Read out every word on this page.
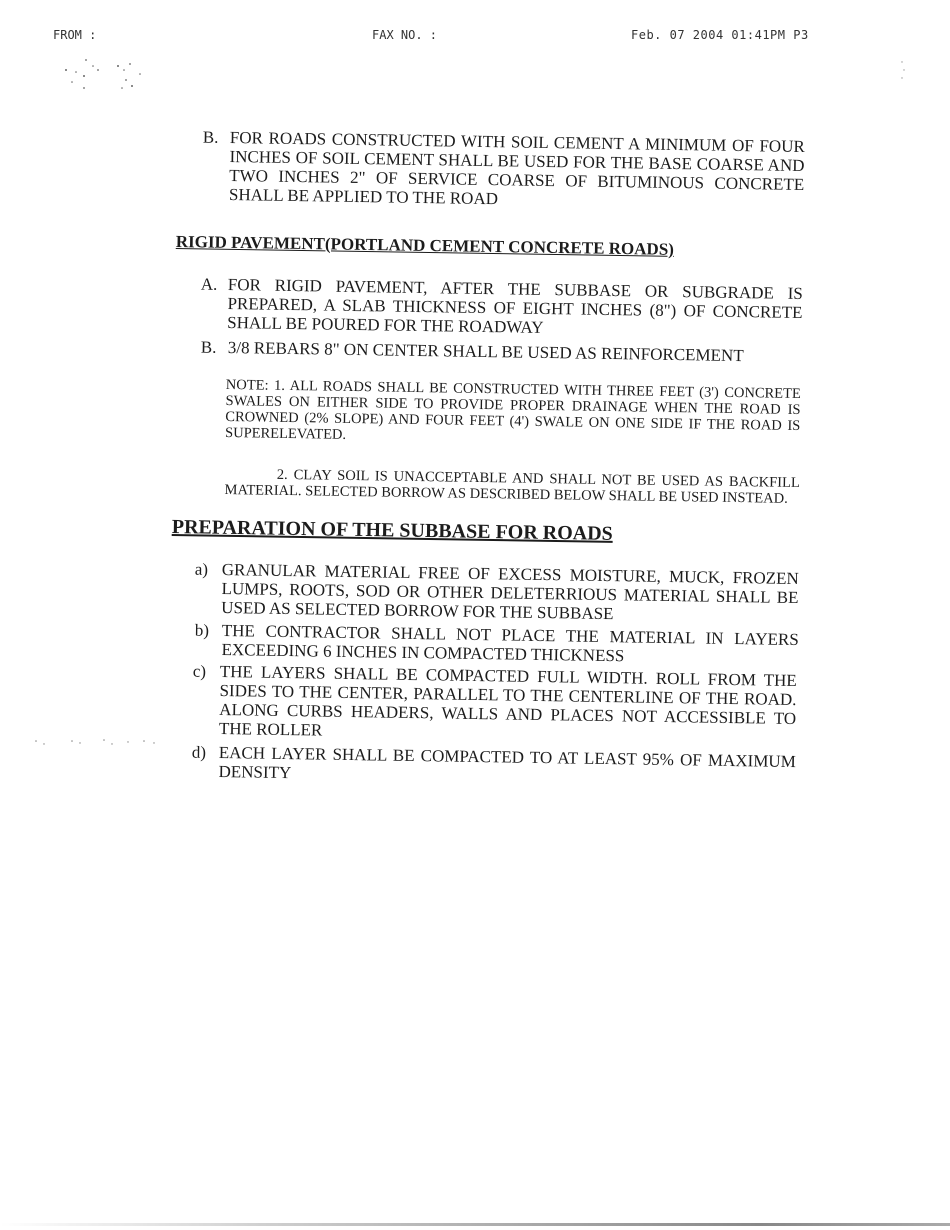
FROM :	FAX NO. :	Feb. 07 2004 01:41PM P3
B. FOR ROADS CONSTRUCTED WITH SOIL CEMENT A MINIMUM OF FOUR INCHES OF SOIL CEMENT SHALL BE USED FOR THE BASE COARSE AND TWO INCHES 2" OF SERVICE COARSE OF BITUMINOUS CONCRETE SHALL BE APPLIED TO THE ROAD
RIGID PAVEMENT(PORTLAND CEMENT CONCRETE ROADS)
A. FOR RIGID PAVEMENT, AFTER THE SUBBASE OR SUBGRADE IS PREPARED, A SLAB THICKNESS OF EIGHT INCHES (8") OF CONCRETE SHALL BE POURED FOR THE ROADWAY
B. 3/8 REBARS 8" ON CENTER SHALL BE USED AS REINFORCEMENT
NOTE: 1. ALL ROADS SHALL BE CONSTRUCTED WITH THREE FEET (3') CONCRETE SWALES ON EITHER SIDE TO PROVIDE PROPER DRAINAGE WHEN THE ROAD IS CROWNED (2% SLOPE) AND FOUR FEET (4') SWALE ON ONE SIDE IF THE ROAD IS SUPERELEVATED.
2. CLAY SOIL IS UNACCEPTABLE AND SHALL NOT BE USED AS BACKFILL MATERIAL. SELECTED BORROW AS DESCRIBED BELOW SHALL BE USED INSTEAD.
PREPARATION OF THE SUBBASE FOR ROADS
a) GRANULAR MATERIAL FREE OF EXCESS MOISTURE, MUCK, FROZEN LUMPS, ROOTS, SOD OR OTHER DELETERRIOUS MATERIAL SHALL BE USED AS SELECTED BORROW FOR THE SUBBASE
b) THE CONTRACTOR SHALL NOT PLACE THE MATERIAL IN LAYERS EXCEEDING 6 INCHES IN COMPACTED THICKNESS
c) THE LAYERS SHALL BE COMPACTED FULL WIDTH. ROLL FROM THE SIDES TO THE CENTER, PARALLEL TO THE CENTERLINE OF THE ROAD. ALONG CURBS HEADERS, WALLS AND PLACES NOT ACCESSIBLE TO THE ROLLER
d) EACH LAYER SHALL BE COMPACTED TO AT LEAST 95% OF MAXIMUM DENSITY
